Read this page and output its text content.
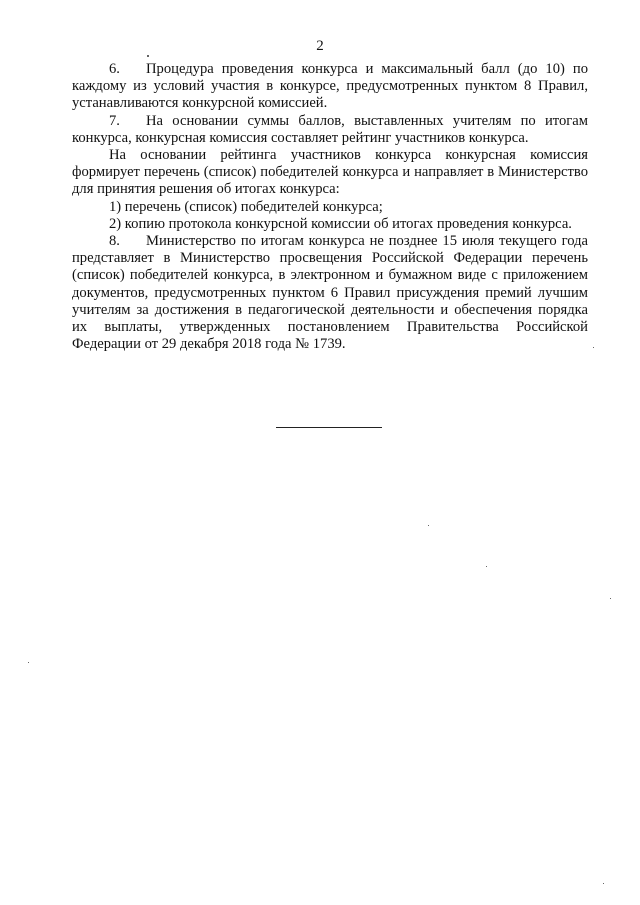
2

6. Процедура проведения конкурса и максимальный балл (до 10) по каждому из условий участия в конкурсе, предусмотренных пунктом 8 Правил, устанавливаются конкурсной комиссией.

7. На основании суммы баллов, выставленных учителям по итогам конкурса, конкурсная комиссия составляет рейтинг участников конкурса.

На основании рейтинга участников конкурса конкурсная комиссия формирует перечень (список) победителей конкурса и направляет в Министерство для принятия решения об итогах конкурса:

1) перечень (список) победителей конкурса;

2) копию протокола конкурсной комиссии об итогах проведения конкурса.

8. Министерство по итогам конкурса не позднее 15 июля текущего года представляет в Министерство просвещения Российской Федерации перечень (список) победителей конкурса, в электронном и бумажном виде с приложением документов, предусмотренных пунктом 6 Правил присуждения премий лучшим учителям за достижения в педагогической деятельности и обеспечения порядка их выплаты, утвержденных постановлением Правительства Российской Федерации от 29 декабря 2018 года № 1739.
